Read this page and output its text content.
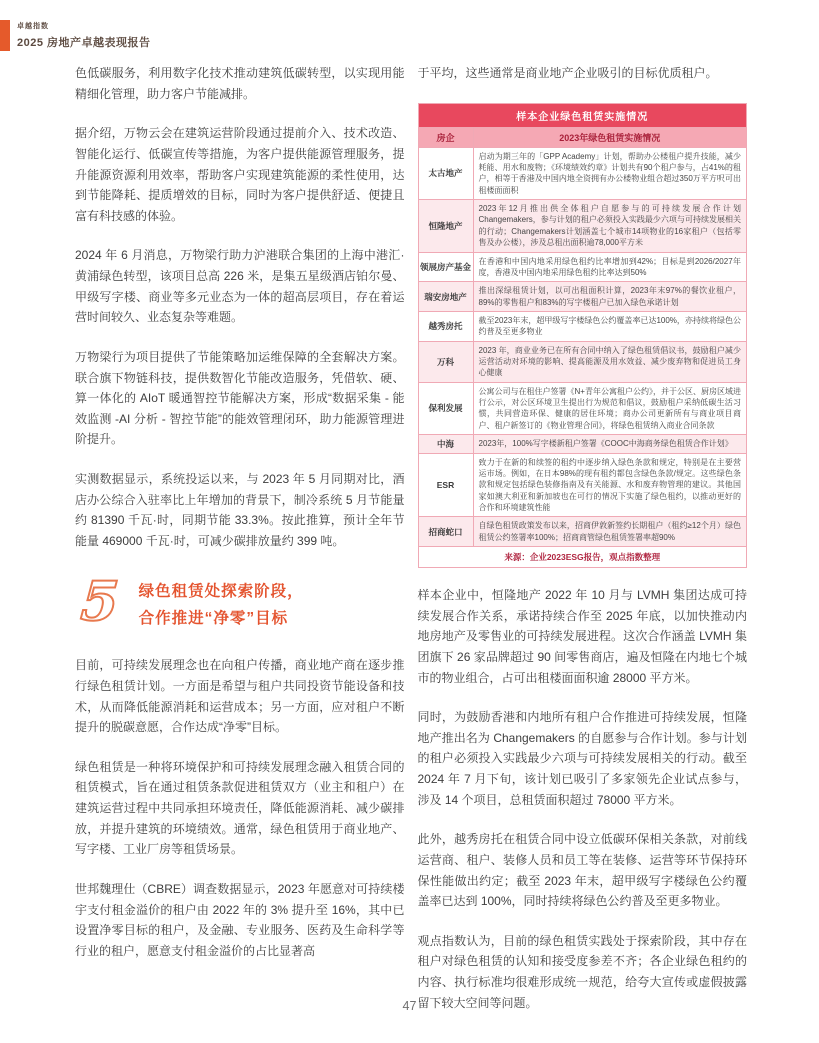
卓越指数
2025 房地产卓越表现报告

色低碳服务，利用数字化技术推动建筑低碳转型，以实现用能精细化管理，助力客户节能减排。

据介绍，万物云会在建筑运营阶段通过提前介入、技术改造、智能化运行、低碳宣传等措施，为客户提供能源管理服务，提升能源资源利用效率，帮助客户实现建筑能源的柔性使用，达到节能降耗、提质增效的目标，同时为客户提供舒适、便捷且富有科技感的体验。

2024 年 6 月消息，万物梁行助力沪港联合集团的上海中港汇·黄浦绿色转型，该项目总高 226 米，是集五星级酒店铂尔曼、甲级写字楼、商业等多元业态为一体的超高层项目，存在着运营时间较久、业态复杂等难题。

万物梁行为项目提供了节能策略加运维保障的全套解决方案。联合旗下物链科技，提供数智化节能改造服务，凭借软、硬、算一体化的 AIoT 暖通智控节能解决方案，形成“数据采集 - 能效监测 -AI 分析 - 智控节能”的能效管理闭环，助力能源管理进阶提升。

实测数据显示，系统投运以来，与 2023 年 5 月同期对比，酒店办公综合入驻率比上年增加的背景下，制冷系统 5 月节能量约 81390 千瓦·时，同期节能 33.3%。按此推算，预计全年节能量 469000 千瓦·时，可减少碳排放量约 399 吨。

5 绿色租赁处探索阶段，
合作推进“净零”目标

目前，可持续发展理念也在向租户传播，商业地产商在逐步推行绿色租赁计划。一方面是希望与租户共同投资节能设备和技术，从而降低能源消耗和运营成本；另一方面，应对租户不断提升的脱碳意愿，合作达成“净零”目标。

绿色租赁是一种将环境保护和可持续发展理念融入租赁合同的租赁模式，旨在通过租赁条款促进租赁双方（业主和租户）在建筑运营过程中共同承担环境责任，降低能源消耗、减少碳排放，并提升建筑的环境绩效。通常，绿色租赁用于商业地产、写字楼、工业厂房等租赁场景。

世邦魏理仕（CBRE）调查数据显示，2023 年愿意对可持续楼宇支付租金溢价的租户由 2022 年的 3% 提升至 16%，其中已设置净零目标的租户，及金融、专业服务、医药及生命科学等行业的租户，愿意支付租金溢价的占比显著高

于平均，这些通常是商业地产企业吸引的目标优质租户。

样本企业绿色租赁实施情况	
房企	2023年绿色租赁实施情况
太古地产	启动为期三年的「GPP Academy」计划，帮助办公楼租户提升技能，减少耗能、用水和废物；《环境绩效约章》计划共有90个租户参与，占41%的租户，相等于香港及中国内地全资拥有办公楼物业组合超过350万平方呎可出租楼面面积
恒隆地产	2023年12月推出供全体租户自愿参与的可持续发展合作计划Changemakers，参与计划的租户必须投入实践最少六项与可持续发展相关的行动；Changemakers计划涵盖七个城市14项物业的16家租户（包括零售及办公楼），涉及总租出面积逾78,000平方米
领展房产基金	在香港和中国内地采用绿色租约比率增加到42%；目标是到2026/2027年度，香港及中国内地采用绿色租约比率达到50%
瑞安房地产	推出深绿租赁计划，以可出租面积计算，2023年末97%的餐饮业租户，89%的零售租户和83%的写字楼租户已加入绿色承诺计划
越秀房托	截至2023年末，超甲级写字楼绿色公约覆盖率已达100%，亦持续将绿色公约普及至更多物业
万科	2023 年，商业业务已在所有合同中纳入了绿色租赁倡议书，鼓励租户减少运营活动对环境的影响、提高能源及用水效益、减少废弃物和促进员工身心健康
保利发展	公寓公司与在租住户签署《N+青年公寓租户公约》，并于公区、厨房区域进行公示，对公区环境卫生提出行为规范和倡议，鼓励租户采纳低碳生活习惯，共同营造环保、健康的居住环境；商办公司更新所有与商业项目商户、租户新签订的《物业管理合同》，将绿色租赁纳入商业合同条款
中海	2023年，100%写字楼新租户签署《COOC中海商务绿色租赁合作计划》
ESR	致力于在新的和续签的租约中逐步纳入绿色条款和规定，特别是在主要营运市场。例如，在日本98%的现有租约都包含绿色条款/规定。这些绿色条款和规定包括绿色装修指南及有关能源、水和废弃物管理的建议。其他国家如澳大利亚和新加坡也在可行的情况下实施了绿色租约，以推动更好的合作和环境建筑性能
招商蛇口	自绿色租赁政策发布以来，招商伊敦新签约长期租户（租约≥12个月）绿色租赁公约签署率100%；招商商管绿色租赁签署率超90%
来源：企业2023ESG报告，观点指数整理	

样本企业中，恒隆地产 2022 年 10 月与 LVMH 集团达成可持续发展合作关系，承诺持续合作至 2025 年底，以加快推动内地房地产及零售业的可持续发展进程。这次合作涵盖 LVMH 集团旗下 26 家品牌超过 90 间零售商店，遍及恒隆在内地七个城市的物业组合，占可出租楼面面积逾 28000 平方米。

同时，为鼓励香港和内地所有租户合作推进可持续发展，恒隆地产推出名为 Changemakers 的自愿参与合作计划。参与计划的租户必须投入实践最少六项与可持续发展相关的行动。截至 2024 年 7 月下旬，该计划已吸引了多家领先企业试点参与，涉及 14 个项目，总租赁面积超过 78000 平方米。

此外，越秀房托在租赁合同中设立低碳环保相关条款，对前线运营商、租户、装修人员和员工等在装修、运营等环节保持环保性能做出约定；截至 2023 年末，超甲级写字楼绿色公约覆盖率已达到 100%，同时持续将绿色公约普及至更多物业。

观点指数认为，目前的绿色租赁实践处于探索阶段，其中存在租户对绿色租赁的认知和接受度参差不齐；各企业绿色租约的内容、执行标准均很难形成统一规范，给夸大宣传或虚假披露留下较大空间等问题。

47
